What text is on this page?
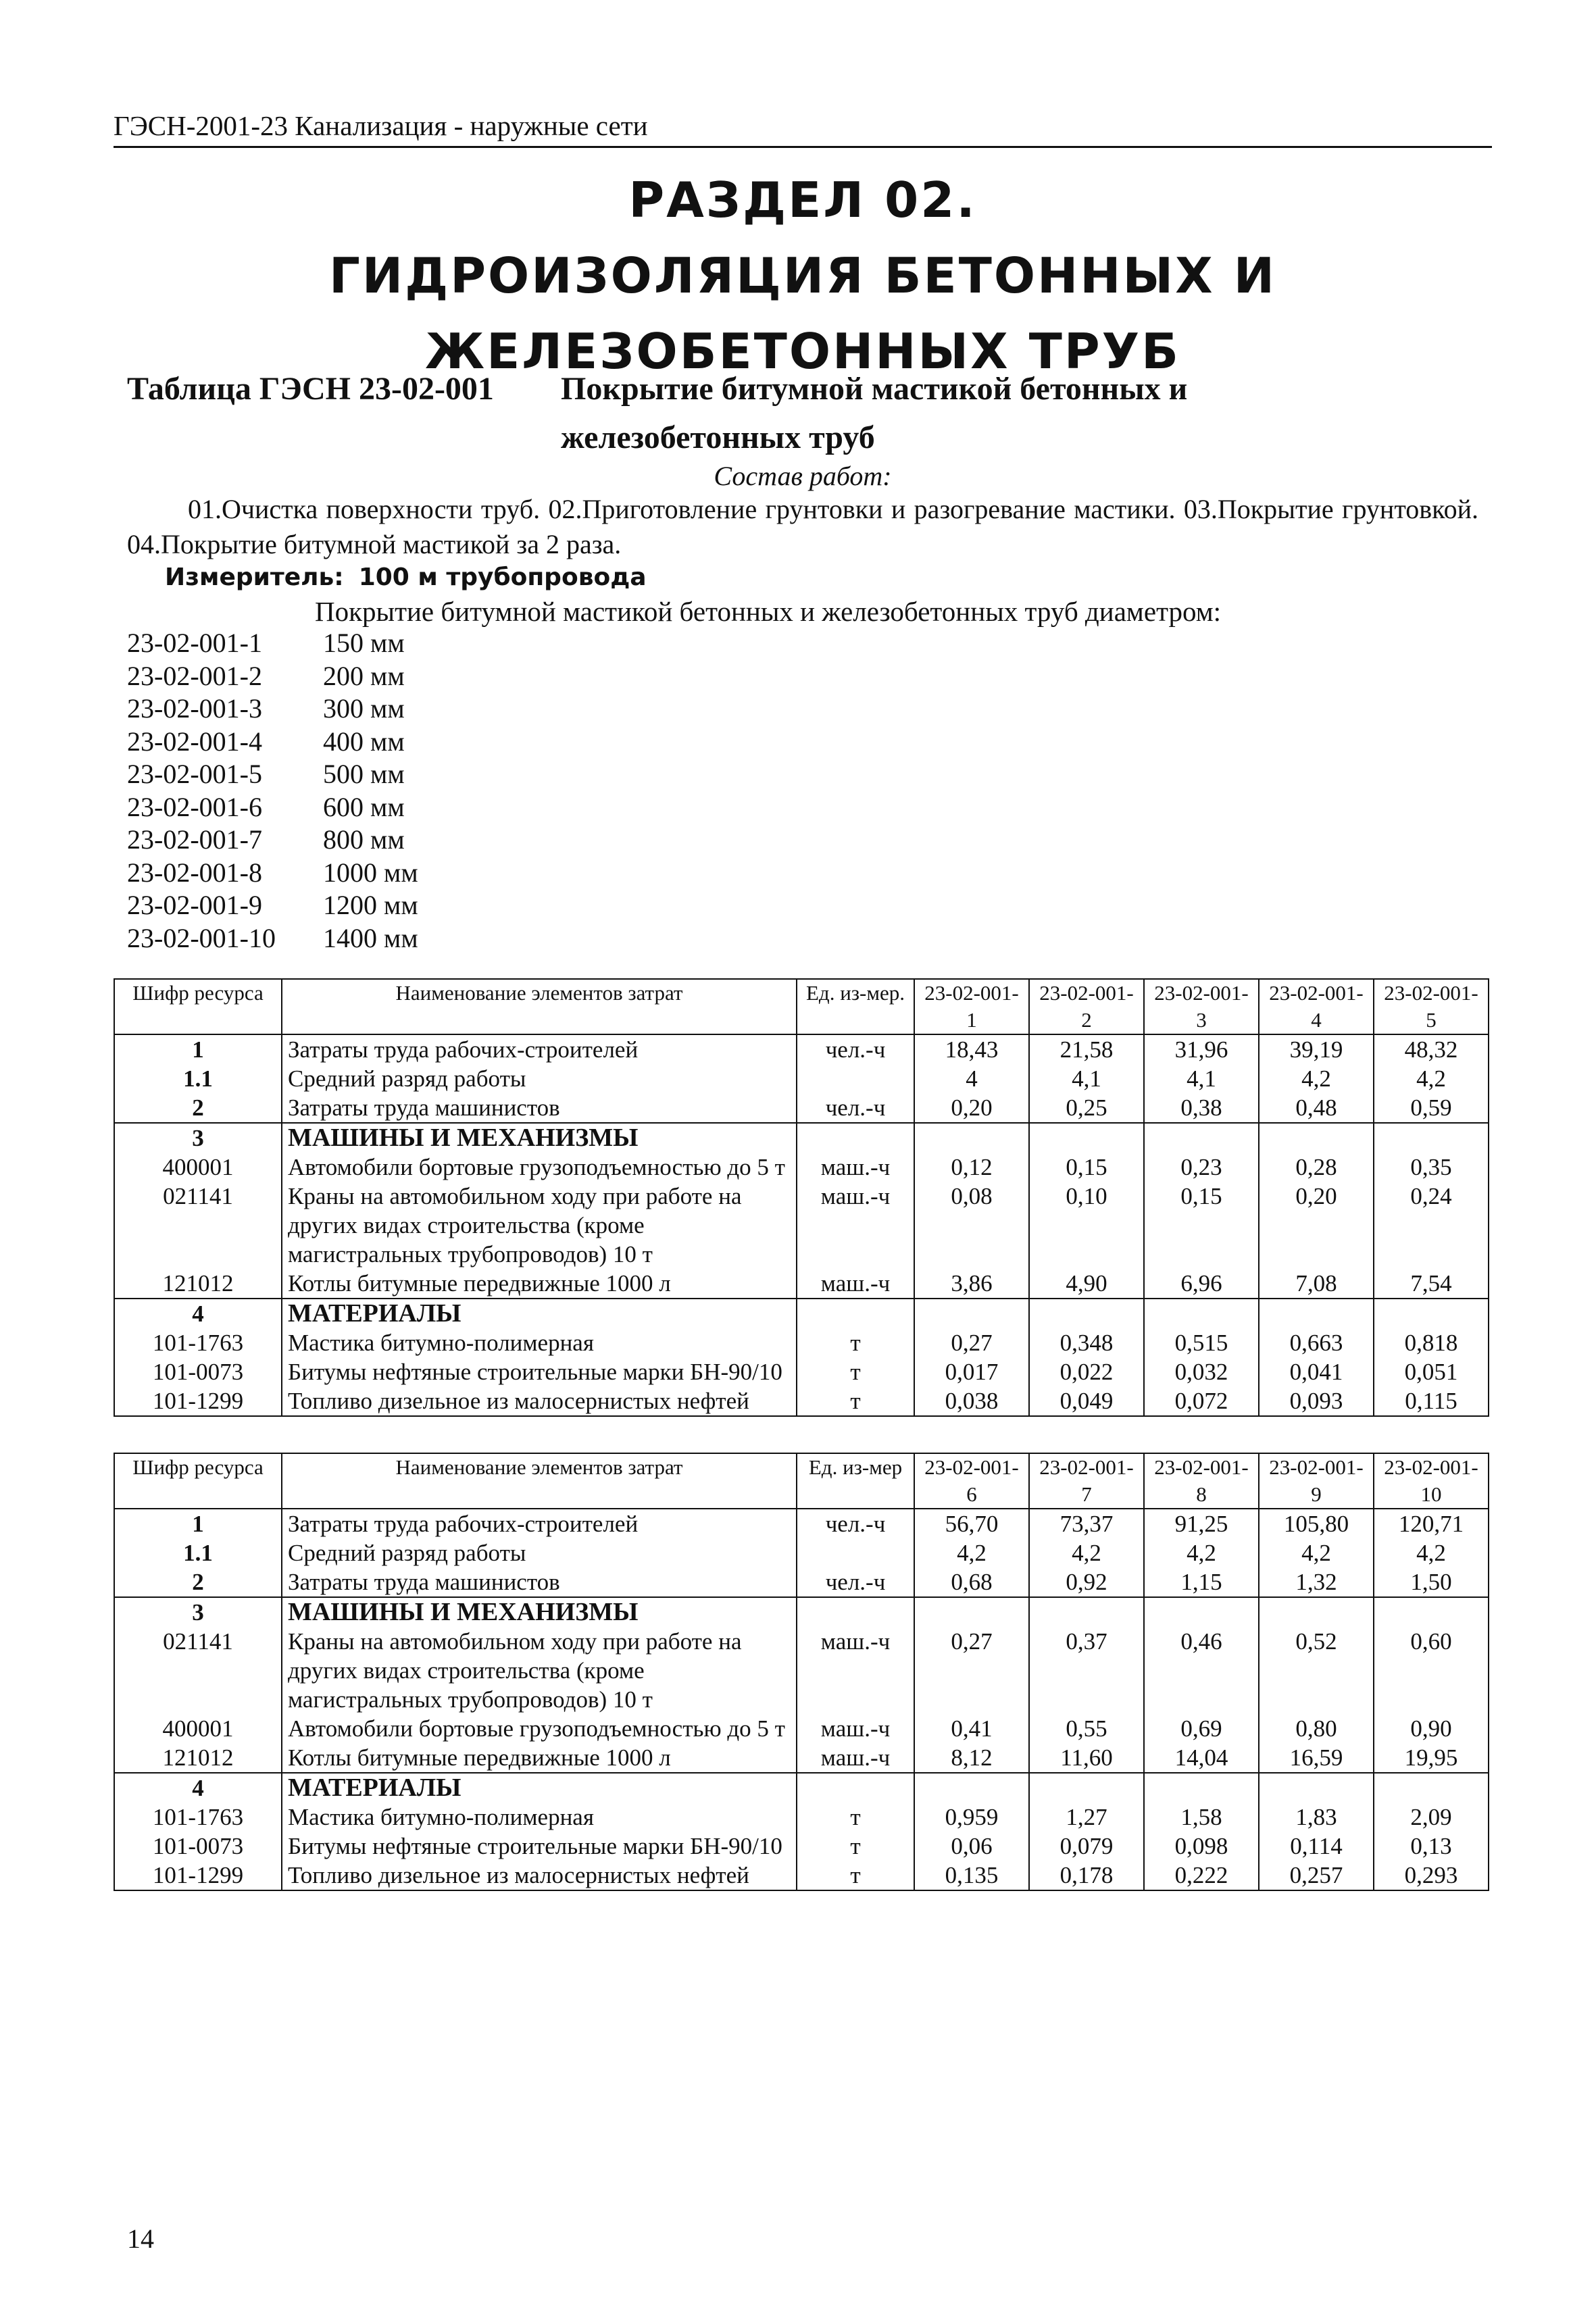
ГЭСН-2001-23 Канализация - наружные сети
РАЗДЕЛ 02.
ГИДРОИЗОЛЯЦИЯ БЕТОННЫХ И
ЖЕЛЕЗОБЕТОННЫХ ТРУБ
Таблица ГЭСН 23-02-001 Покрытие битумной мастикой бетонных и
железобетонных труб
Состав работ:
01.Очистка поверхности труб. 02.Приготовление грунтовки и разогревание мастики. 03.Покрытие грунтовкой. 04.Покрытие битумной мастикой за 2 раза.
Измеритель: 100 м трубопровода
Покрытие битумной мастикой бетонных и железобетонных труб диаметром:
23-02-001-1 150 мм
23-02-001-2 200 мм
23-02-001-3 300 мм
23-02-001-4 400 мм
23-02-001-5 500 мм
23-02-001-6 600 мм
23-02-001-7 800 мм
23-02-001-8 1000 мм
23-02-001-9 1200 мм
23-02-001-10 1400 мм
Шифр ресурса	Наименование элементов затрат	Ед. из-мер.	23-02-001-1	23-02-001-2	23-02-001-3	23-02-001-4	23-02-001-5
1	Затраты труда рабочих-строителей	чел.-ч	18,43	21,58	31,96	39,19	48,32
1.1	Средний разряд работы		4	4,1	4,1	4,2	4,2
2	Затраты труда машинистов	чел.-ч	0,20	0,25	0,38	0,48	0,59
3	МАШИНЫ И МЕХАНИЗМЫ						
400001	Автомобили бортовые грузоподъемностью до 5 т	маш.-ч	0,12	0,15	0,23	0,28	0,35
021141	Краны на автомобильном ходу при работе на других видах строительства (кроме магистральных трубопроводов) 10 т	маш.-ч	0,08	0,10	0,15	0,20	0,24
121012	Котлы битумные передвижные 1000 л	маш.-ч	3,86	4,90	6,96	7,08	7,54
4	МАТЕРИАЛЫ						
101-1763	Мастика битумно-полимерная	т	0,27	0,348	0,515	0,663	0,818
101-0073	Битумы нефтяные строительные марки БН-90/10	т	0,017	0,022	0,032	0,041	0,051
101-1299	Топливо дизельное из малосернистых нефтей	т	0,038	0,049	0,072	0,093	0,115
Шифр ресурса	Наименование элементов затрат	Ед. из-мер	23-02-001-6	23-02-001-7	23-02-001-8	23-02-001-9	23-02-001-10
1	Затраты труда рабочих-строителей	чел.-ч	56,70	73,37	91,25	105,80	120,71
1.1	Средний разряд работы		4,2	4,2	4,2	4,2	4,2
2	Затраты труда машинистов	чел.-ч	0,68	0,92	1,15	1,32	1,50
3	МАШИНЫ И МЕХАНИЗМЫ						
021141	Краны на автомобильном ходу при работе на других видах строительства (кроме магистральных трубопроводов) 10 т	маш.-ч	0,27	0,37	0,46	0,52	0,60
400001	Автомобили бортовые грузоподъемностью до 5 т	маш.-ч	0,41	0,55	0,69	0,80	0,90
121012	Котлы битумные передвижные 1000 л	маш.-ч	8,12	11,60	14,04	16,59	19,95
4	МАТЕРИАЛЫ						
101-1763	Мастика битумно-полимерная	т	0,959	1,27	1,58	1,83	2,09
101-0073	Битумы нефтяные строительные марки БН-90/10	т	0,06	0,079	0,098	0,114	0,13
101-1299	Топливо дизельное из малосернистых нефтей	т	0,135	0,178	0,222	0,257	0,293
14
